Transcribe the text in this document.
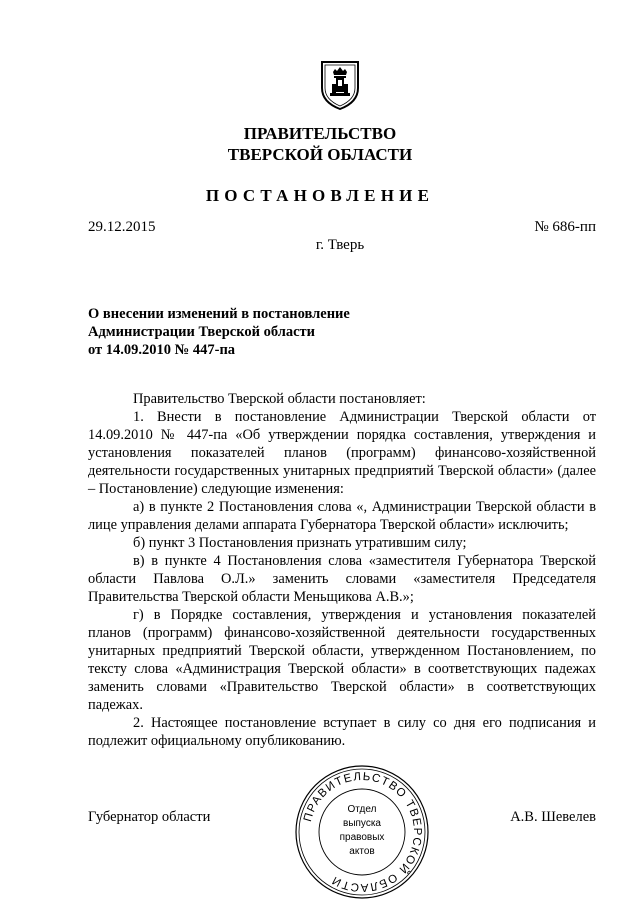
ПРАВИТЕЛЬСТВО
ТВЕРСКОЙ ОБЛАСТИ
ПОСТАНОВЛЕНИЕ
29.12.2015	№ 686-пп
г. Тверь
О внесении изменений в постановление
Администрации Тверской области
от 14.09.2010 № 447-па

Правительство Тверской области постановляет:

1. Внести в постановление Администрации Тверской области от 14.09.2010 № 447-па «Об утверждении порядка составления, утверждения и установления показателей планов (программ) финансово-хозяйственной деятельности государственных унитарных предприятий Тверской области» (далее – Постановление) следующие изменения:

а) в пункте 2 Постановления слова «, Администрации Тверской области в лице управления делами аппарата Губернатора Тверской области» исключить;

б) пункт 3 Постановления признать утратившим силу;

в) в пункте 4 Постановления слова «заместителя Губернатора Тверской области Павлова О.Л.» заменить словами «заместителя Председателя Правительства Тверской области Меньщикова А.В.»;

г) в Порядке составления, утверждения и установления показателей планов (программ) финансово-хозяйственной деятельности государственных унитарных предприятий Тверской области, утвержденном Постановлением, по тексту слова «Администрация Тверской области» в соответствующих падежах заменить словами «Правительство Тверской области» в соответствующих падежах.

2. Настоящее постановление вступает в силу со дня его подписания и подлежит официальному опубликованию.

Губернатор области	А.В. Шевелев
ПРАВИТЕЛЬСТВО ТВЕРСКОЙ ОБЛАСТИ
Отдел
выпуска
правовых
актов
